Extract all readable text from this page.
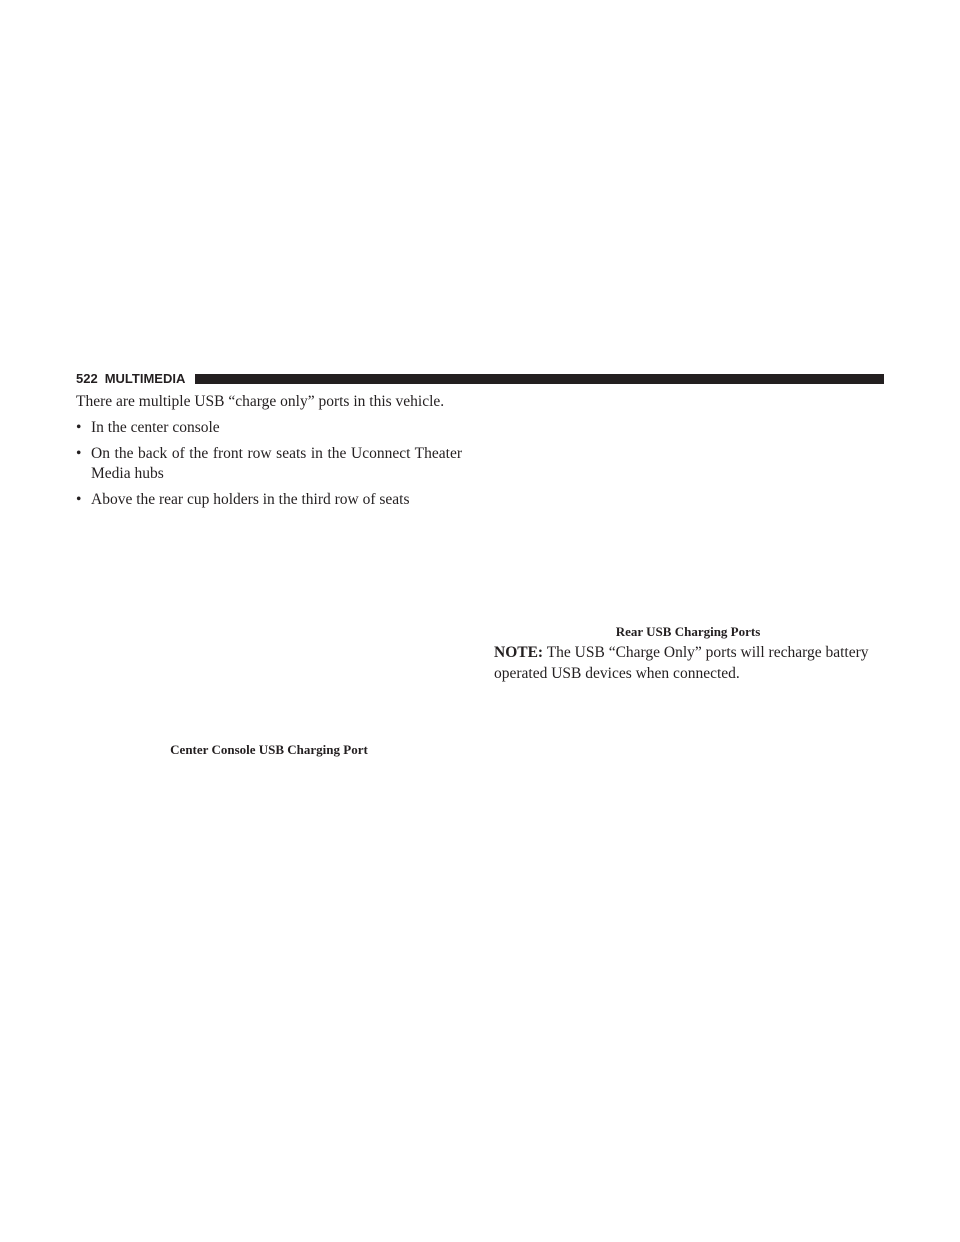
522 MULTIMEDIA

There are multiple USB “charge only” ports in this vehicle.

• In the center console
• On the back of the front row seats in the Uconnect Theater Media hubs
• Above the rear cup holders in the third row of seats
Center Console USB Charging Port
Rear USB Charging Ports

NOTE: The USB “Charge Only” ports will recharge battery operated USB devices when connected.
